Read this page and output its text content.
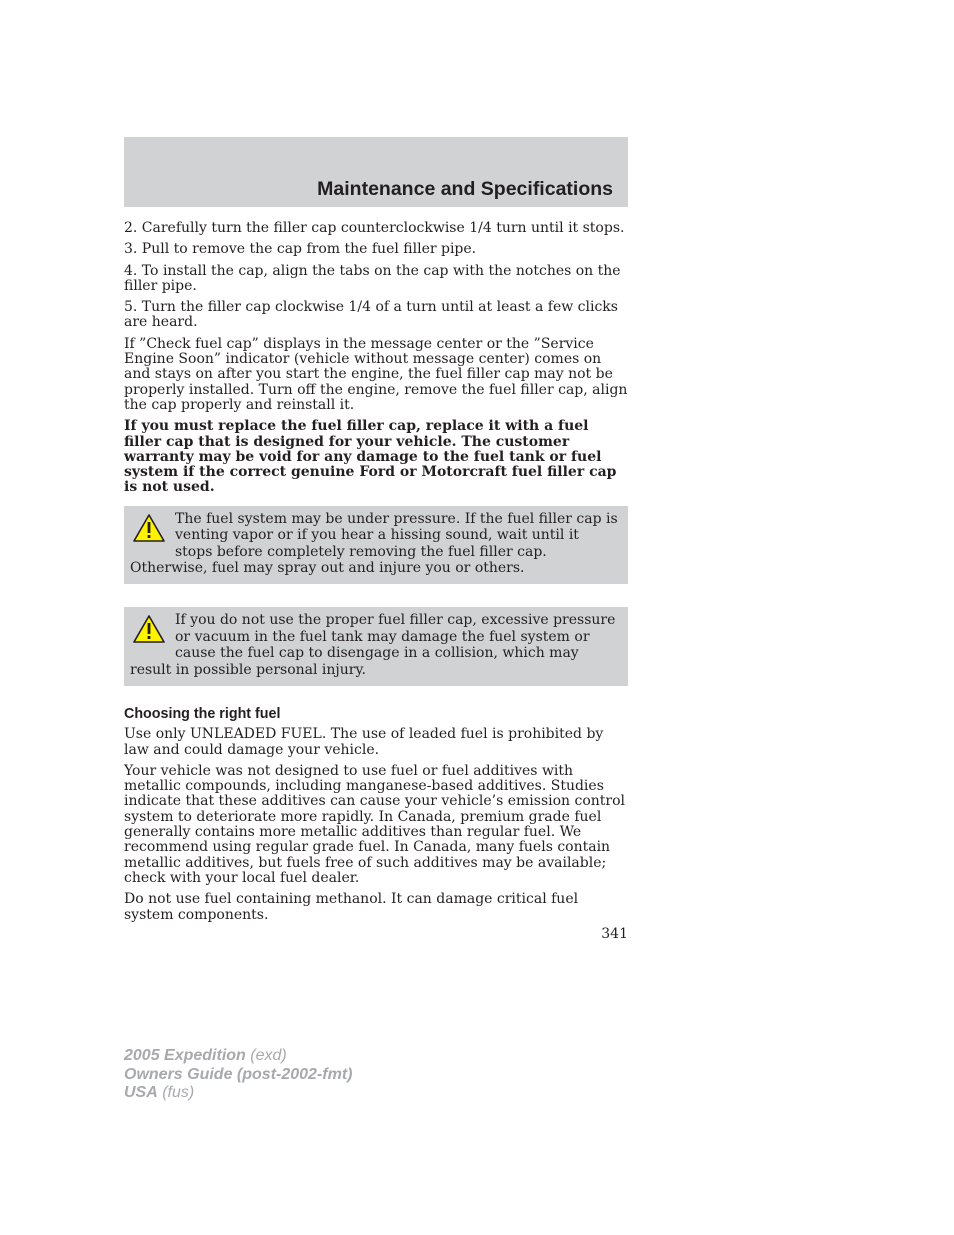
Maintenance and Specifications

2. Carefully turn the filler cap counterclockwise 1/4 turn until it stops.

3. Pull to remove the cap from the fuel filler pipe.

4. To install the cap, align the tabs on the cap with the notches on the filler pipe.

5. Turn the filler cap clockwise 1/4 of a turn until at least a few clicks are heard.

If ”Check fuel cap” displays in the message center or the ”Service Engine Soon” indicator (vehicle without message center) comes on and stays on after you start the engine, the fuel filler cap may not be properly installed. Turn off the engine, remove the fuel filler cap, align the cap properly and reinstall it.

If you must replace the fuel filler cap, replace it with a fuel filler cap that is designed for your vehicle. The customer warranty may be void for any damage to the fuel tank or fuel system if the correct genuine Ford or Motorcraft fuel filler cap is not used.

The fuel system may be under pressure. If the fuel filler cap is venting vapor or if you hear a hissing sound, wait until it stops before completely removing the fuel filler cap. Otherwise, fuel may spray out and injure you or others.
If you do not use the proper fuel filler cap, excessive pressure or vacuum in the fuel tank may damage the fuel system or cause the fuel cap to disengage in a collision, which may result in possible personal injury.
Choosing the right fuel

Use only UNLEADED FUEL. The use of leaded fuel is prohibited by law and could damage your vehicle.

Your vehicle was not designed to use fuel or fuel additives with metallic compounds, including manganese-based additives. Studies indicate that these additives can cause your vehicle’s emission control system to deteriorate more rapidly. In Canada, premium grade fuel generally contains more metallic additives than regular fuel. We recommend using regular grade fuel. In Canada, many fuels contain metallic additives, but fuels free of such additives may be available; check with your local fuel dealer.

Do not use fuel containing methanol. It can damage critical fuel system components.

341
2005 Expedition (exd)
Owners Guide (post-2002-fmt)
USA (fus)
